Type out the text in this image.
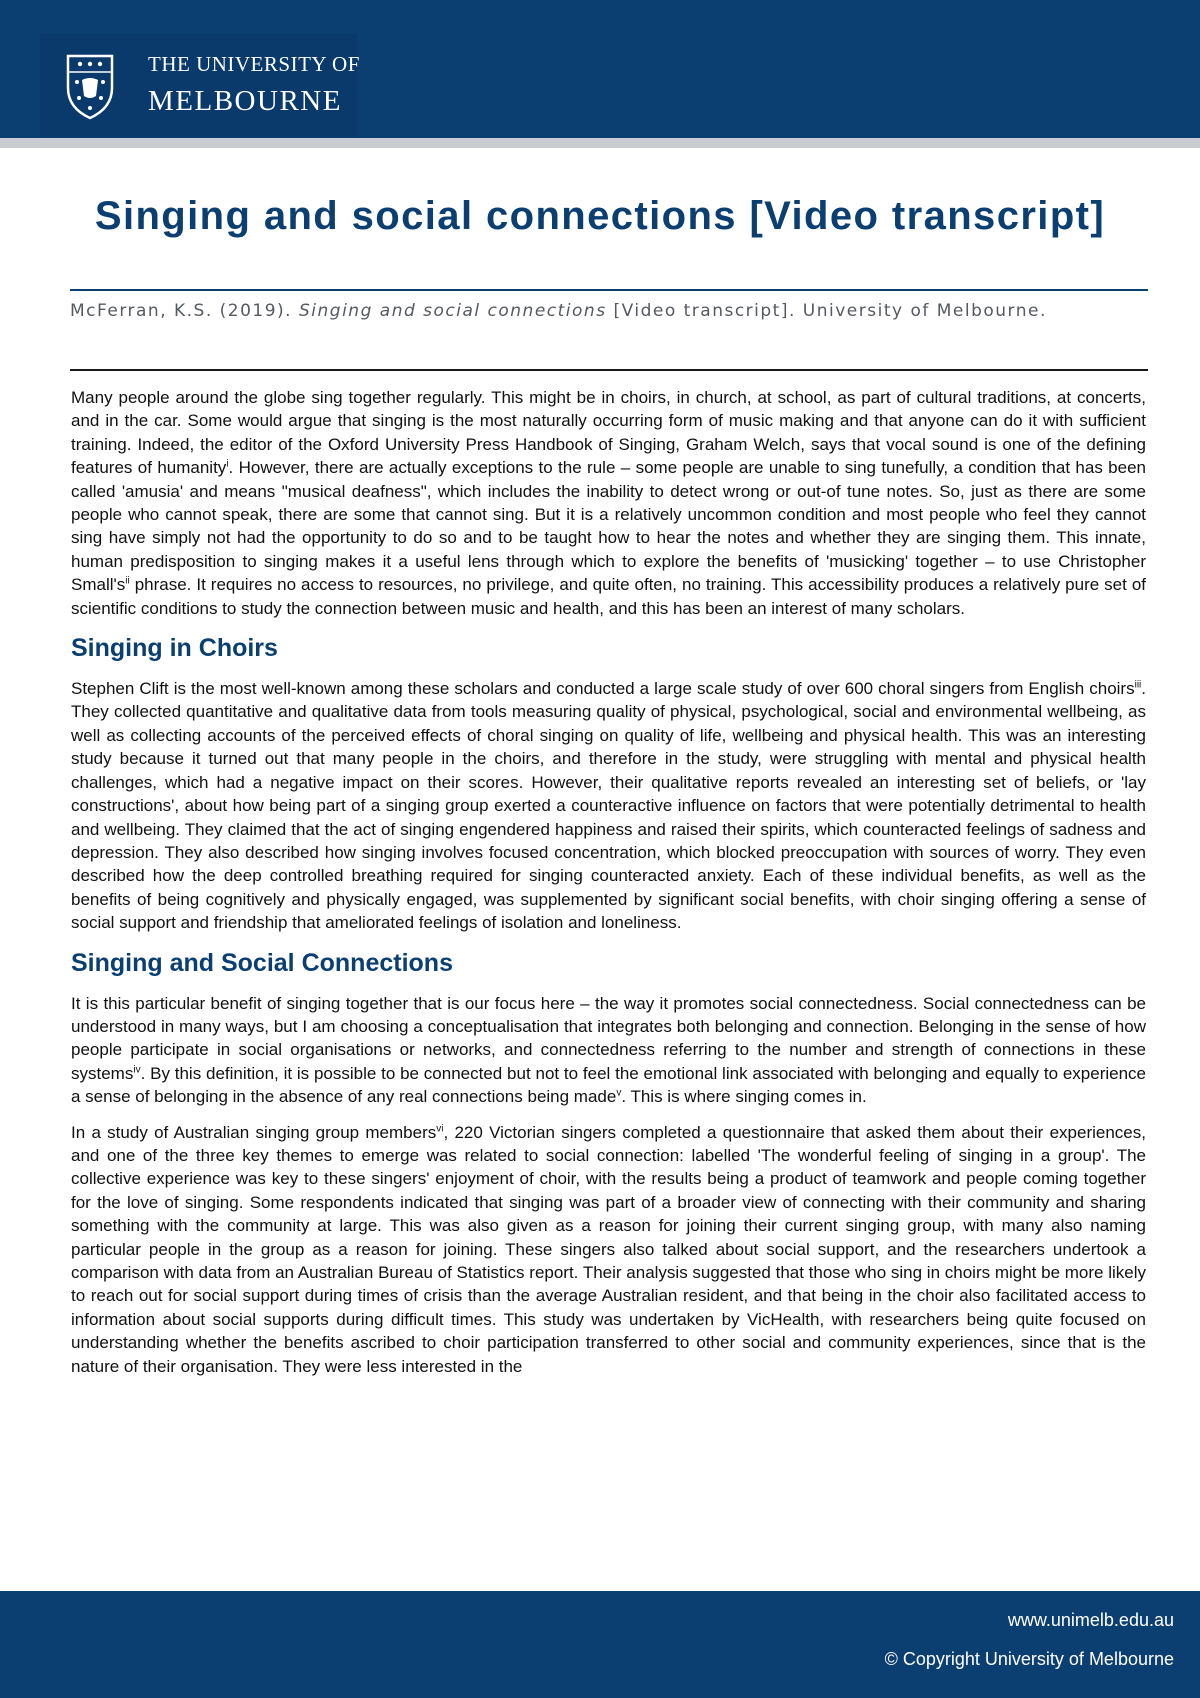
THE UNIVERSITY OF
MELBOURNE
Singing and social connections [Video transcript]
McFerran, K.S. (2019). Singing and social connections [Video transcript]. University of Melbourne.

Many people around the globe sing together regularly. This might be in choirs, in church, at school, as part of cultural traditions, at concerts, and in the car. Some would argue that singing is the most naturally occurring form of music making and that anyone can do it with sufficient training. Indeed, the editor of the Oxford University Press Handbook of Singing, Graham Welch, says that vocal sound is one of the defining features of humanity$^i$. However, there are actually exceptions to the rule – some people are unable to sing tunefully, a condition that has been called 'amusia' and means "musical deafness", which includes the inability to detect wrong or out-of tune notes. So, just as there are some people who cannot speak, there are some that cannot sing. But it is a relatively uncommon condition and most people who feel they cannot sing have simply not had the opportunity to do so and to be taught how to hear the notes and whether they are singing them. This innate, human predisposition to singing makes it a useful lens through which to explore the benefits of 'musicking' together – to use Christopher $Small's^{ii}$ phrase. It requires no access to resources, no privilege, and quite often, no training. This accessibility produces a relatively pure set of scientific conditions to study the connection between music and health, and this has been an interest of many scholars.

Singing in Choirs

Stephen Clift is the most well-known among these scholars and conducted a large scale study of over 600 choral singers from English choirs$^{iii}$. They collected quantitative and qualitative data from tools measuring quality of physical, psychological, social and environmental wellbeing, as well as collecting accounts of the perceived effects of choral singing on quality of life, wellbeing and physical health. This was an interesting study because it turned out that many people in the choirs, and therefore in the study, were struggling with mental and physical health challenges, which had a negative impact on their scores. However, their qualitative reports revealed an interesting set of beliefs, or 'lay constructions', about how being part of a singing group exerted a counteractive influence on factors that were potentially detrimental to health and wellbeing. They claimed that the act of singing engendered happiness and raised their spirits, which counteracted feelings of sadness and depression. They also described how singing involves focused concentration, which blocked preoccupation with sources of worry. They even described how the deep controlled breathing required for singing counteracted anxiety. Each of these individual benefits, as well as the benefits of being cognitively and physically engaged, was supplemented by significant social benefits, with choir singing offering a sense of social support and friendship that ameliorated feelings of isolation and loneliness.

Singing and Social Connections

It is this particular benefit of singing together that is our focus here – the way it promotes social connectedness. Social connectedness can be understood in many ways, but I am choosing a conceptualisation that integrates both belonging and connection. Belonging in the sense of how people participate in social organisations or networks, and connectedness referring to the number and strength of connections in these systems$^{iv}$. By this definition, it is possible to be connected but not to feel the emotional link associated with belonging and equally to experience a sense of belonging in the absence of any real connections being made$^v$. This is where singing comes in.

In a study of Australian singing group members$^{vi}$, 220 Victorian singers completed a questionnaire that asked them about their experiences, and one of the three key themes to emerge was related to social connection: labelled 'The wonderful feeling of singing in a group'. The collective experience was key to these singers' enjoyment of choir, with the results being a product of teamwork and people coming together for the love of singing. Some respondents indicated that singing was part of a broader view of connecting with their community and sharing something with the community at large. This was also given as a reason for joining their current singing group, with many also naming particular people in the group as a reason for joining. These singers also talked about social support, and the researchers undertook a comparison with data from an Australian Bureau of Statistics report. Their analysis suggested that those who sing in choirs might be more likely to reach out for social support during times of crisis than the average Australian resident, and that being in the choir also facilitated access to information about social supports during difficult times. This study was undertaken by VicHealth, with researchers being quite focused on understanding whether the benefits ascribed to choir participation transferred to other social and community experiences, since that is the nature of their organisation. They were less interested in the

www.unimelb.edu.au
© Copyright University of Melbourne
